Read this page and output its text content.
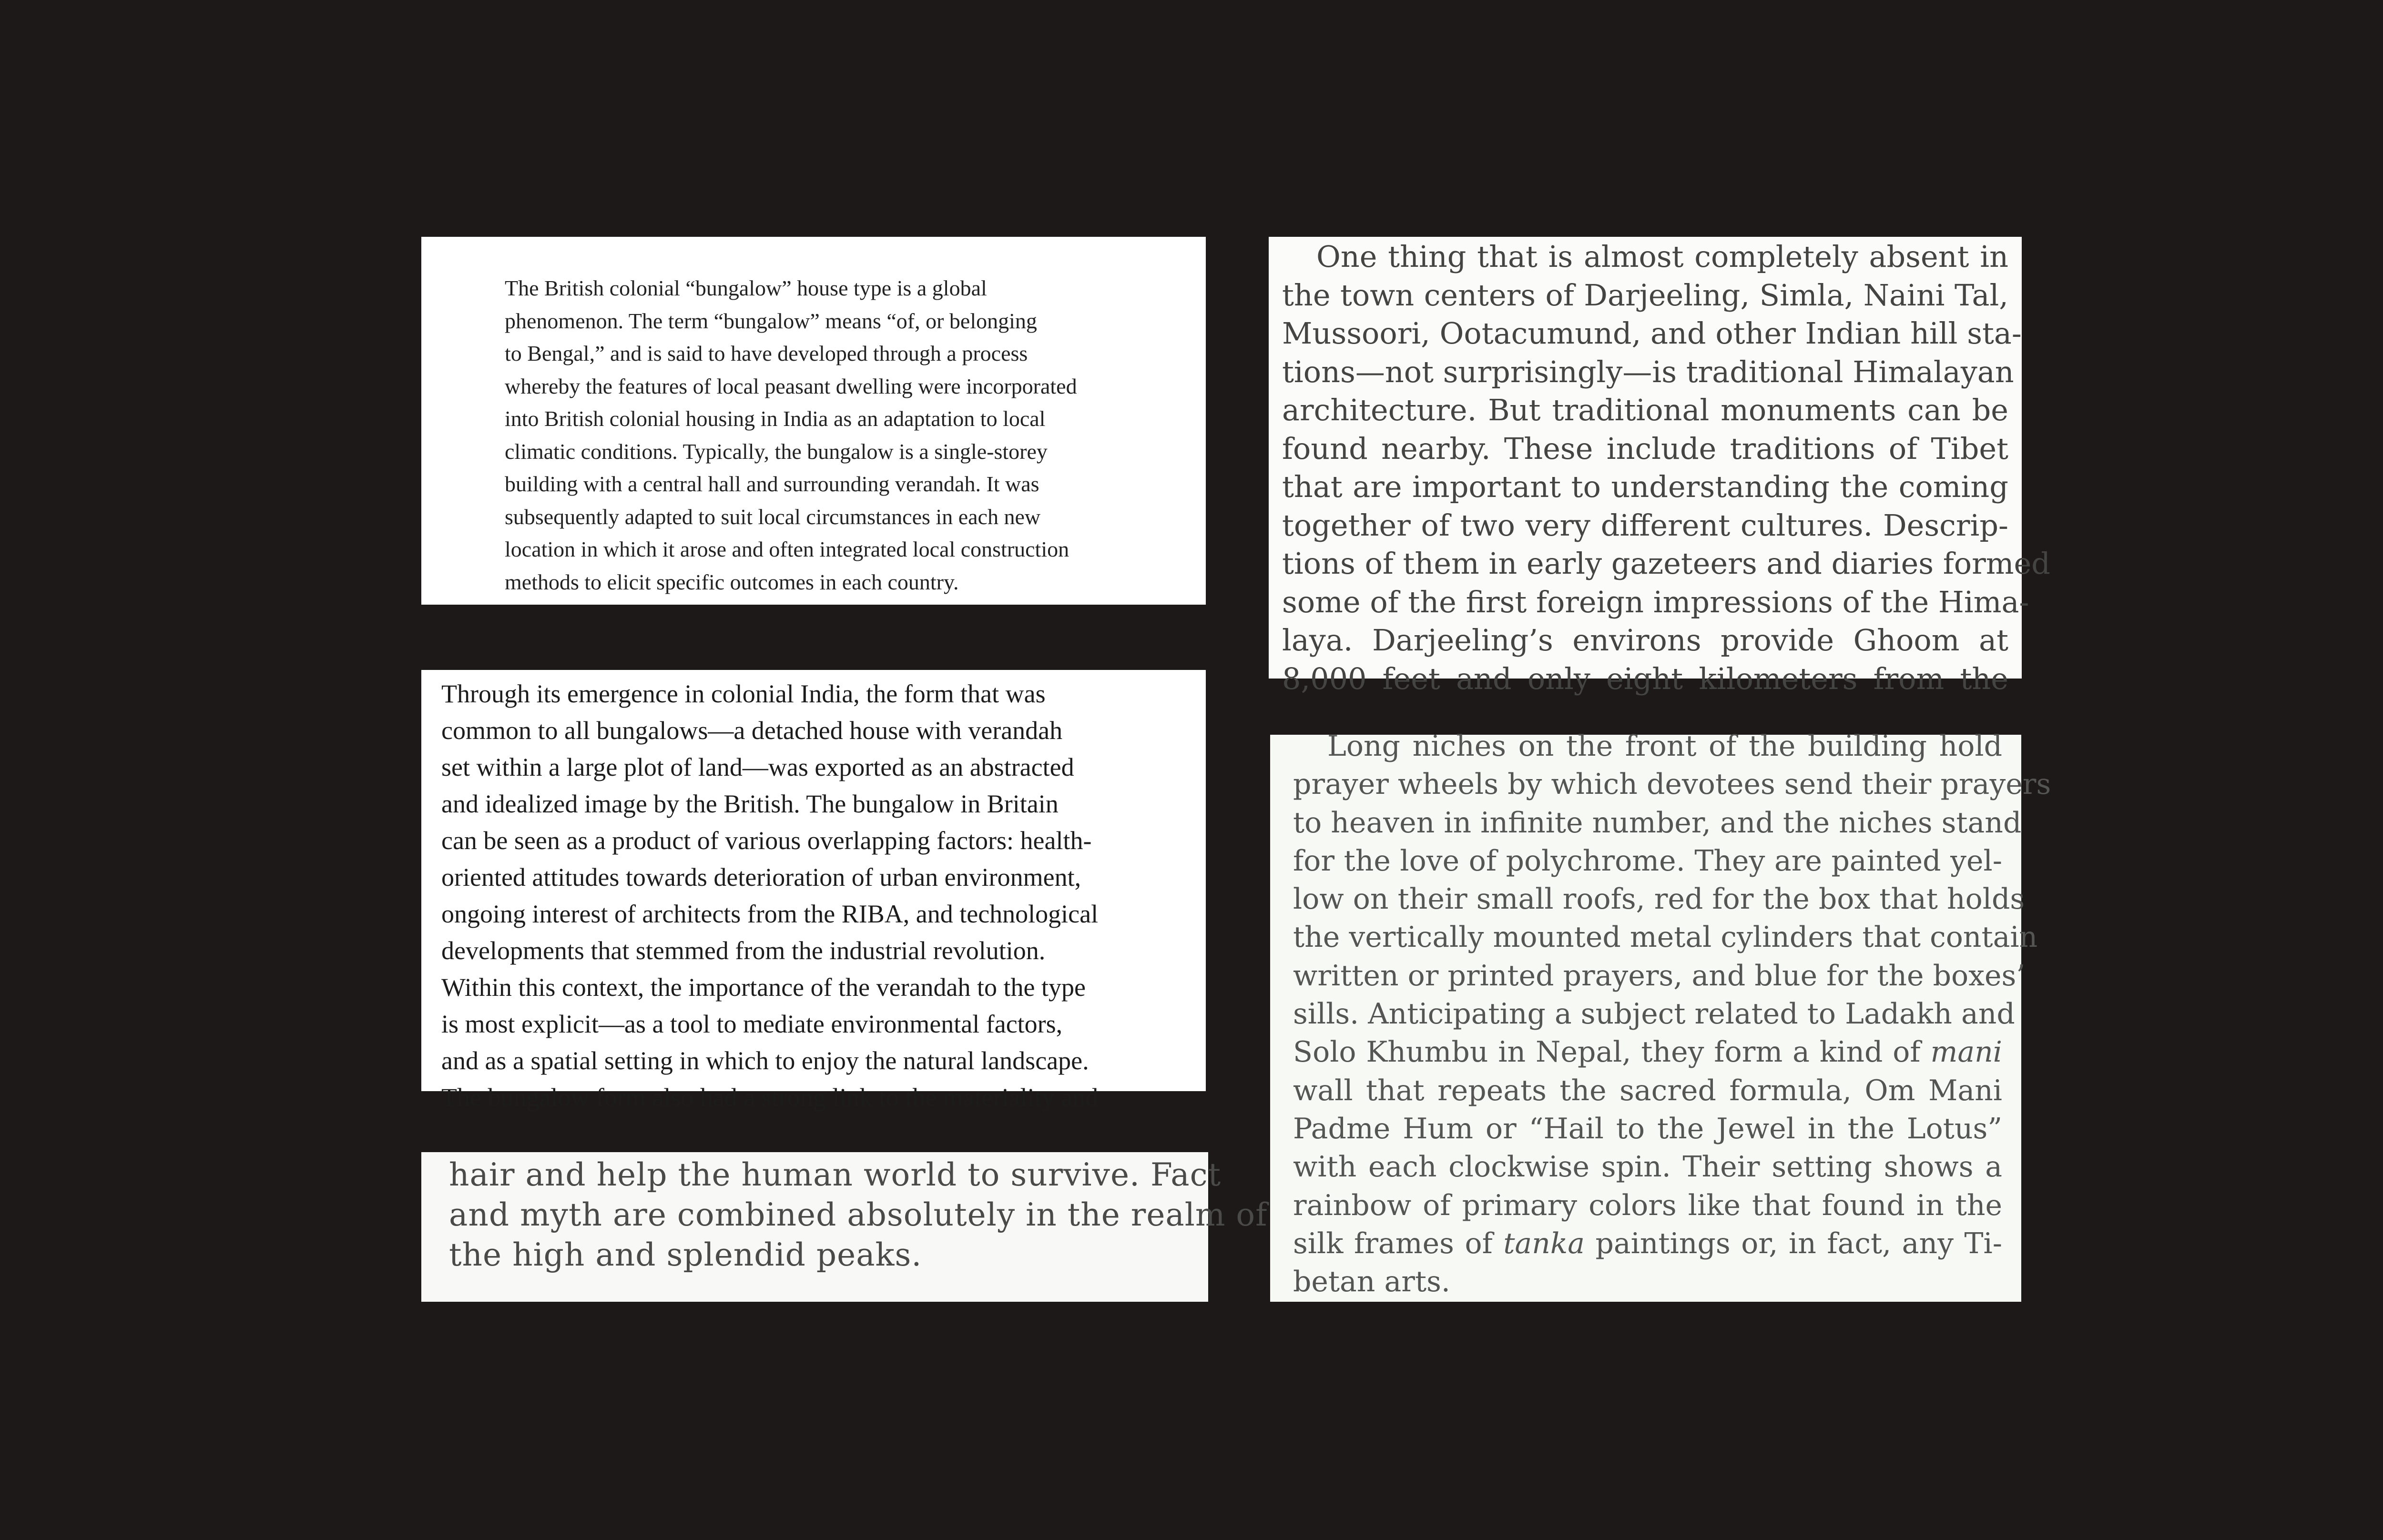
The British colonial “bungalow” house type is a global
phenomenon. The term “bungalow” means “of, or belonging
to Bengal,” and is said to have developed through a process
whereby the features of local peasant dwelling were incorporated
into British colonial housing in India as an adaptation to local
climatic conditions. Typically, the bungalow is a single-storey
building with a central hall and surrounding verandah. It was
subsequently adapted to suit local circumstances in each new
location in which it arose and often integrated local construction
methods to elicit specific outcomes in each country.
Through its emergence in colonial India, the form that was
common to all bungalows—a detached house with verandah
set within a large plot of land—was exported as an abstracted
and idealized image by the British. The bungalow in Britain
can be seen as a product of various overlapping factors: health-
oriented attitudes towards deterioration of urban environment,
ongoing interest of architects from the RIBA, and technological
developments that stemmed from the industrial revolution.
Within this context, the importance of the verandah to the type
is most explicit—as a tool to mediate environmental factors,
and as a spatial setting in which to enjoy the natural landscape.
The bungalow form also had a strong link to the materiality and
hair and help the human world to survive. Fact
and myth are combined absolutely in the realm of
the high and splendid peaks.
One thing that is almost completely absent in
the town centers of Darjeeling, Simla, Naini Tal,
Mussoori, Ootacumund, and other Indian hill sta-
tions—not surprisingly—is traditional Himalayan
architecture. But traditional monuments can be
found nearby. These include traditions of Tibet
that are important to understanding the coming
together of two very different cultures. Descrip-
tions of them in early gazeteers and diaries formed
some of the first foreign impressions of the Hima-
laya. Darjeeling’s environs provide Ghoom at
8,000 feet and only eight kilometers from the
Long niches on the front of the building hold
prayer wheels by which devotees send their prayers
to heaven in infinite number, and the niches stand
for the love of polychrome. They are painted yel-
low on their small roofs, red for the box that holds
the vertically mounted metal cylinders that contain
written or printed prayers, and blue for the boxes’
sills. Anticipating a subject related to Ladakh and
Solo Khumbu in Nepal, they form a kind of mani
wall that repeats the sacred formula, Om Mani
Padme Hum or “Hail to the Jewel in the Lotus”
with each clockwise spin. Their setting shows a
rainbow of primary colors like that found in the
silk frames of tanka paintings or, in fact, any Ti-
betan arts.
